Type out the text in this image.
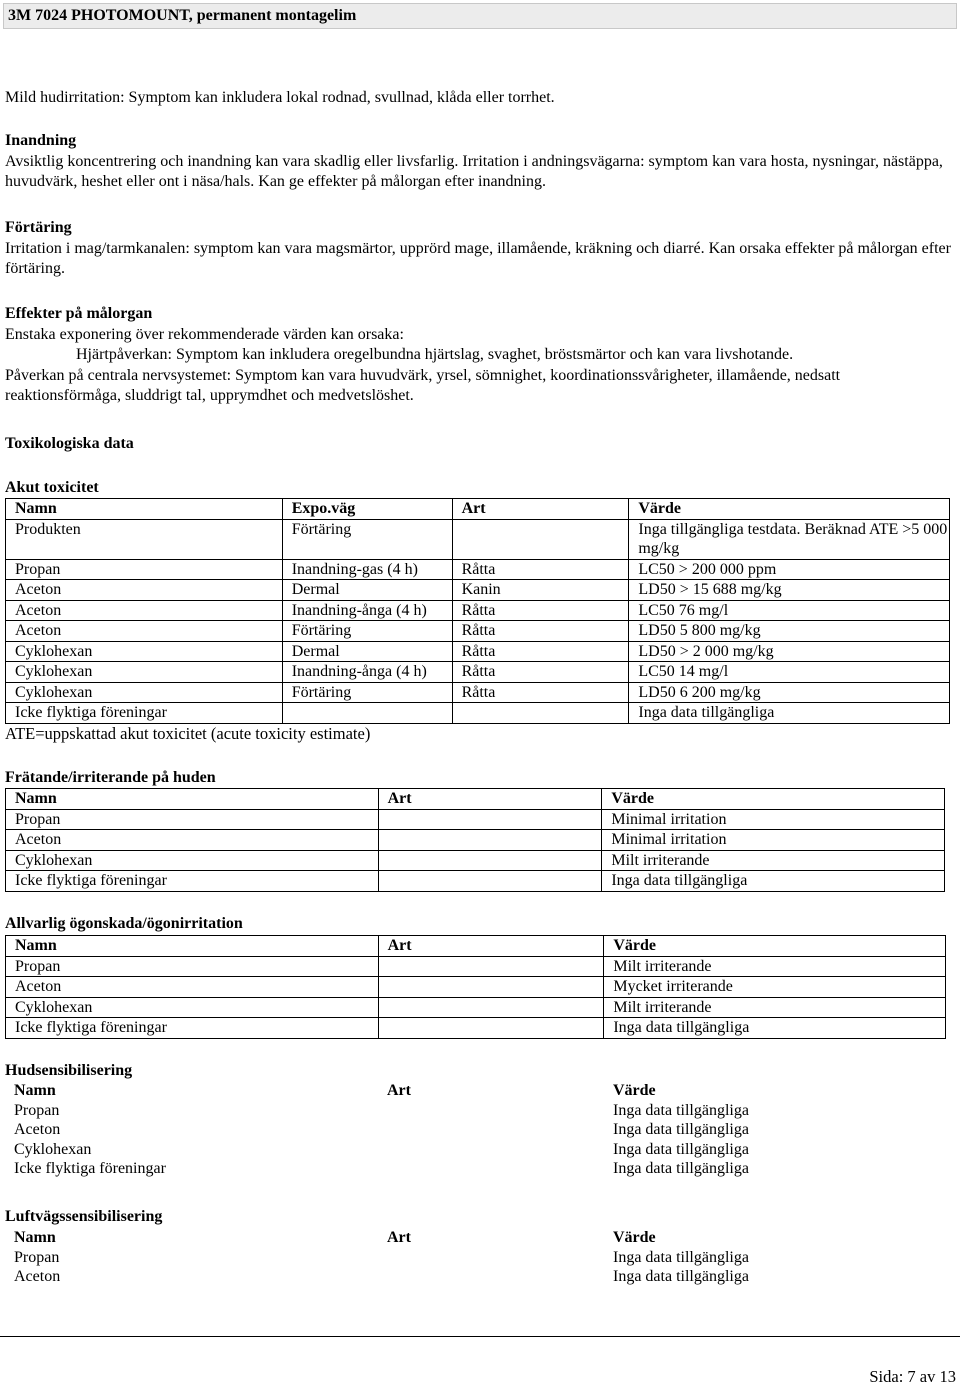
3M 7024 PHOTOMOUNT, permanent montagelim

Mild hudirritation: Symptom kan inkludera lokal rodnad, svullnad, klåda eller torrhet.

Inandning

Avsiktlig koncentrering och inandning kan vara skadlig eller livsfarlig. Irritation i andningsvägarna: symptom kan vara hosta, nysningar, nästäppa, huvudvärk, heshet eller ont i näsa/hals. Kan ge effekter på målorgan efter inandning.

Förtäring

Irritation i mag/tarmkanalen: symptom kan vara magsmärtor, upprörd mage, illamående, kräkning och diarré. Kan orsaka effekter på målorgan efter förtäring.

Effekter på målorgan

Enstaka exponering över rekommenderade värden kan orsaka:

Hjärtpåverkan: Symptom kan inkludera oregelbundna hjärtslag, svaghet, bröstsmärtor och kan vara livshotande.

Påverkan på centrala nervsystemet: Symptom kan vara huvudvärk, yrsel, sömnighet, koordinationssvårigheter, illamående, nedsatt reaktionsförmåga, sluddrigt tal, upprymdhet och medvetslöshet.

Toxikologiska data
Akut toxicitet
Namn	Expo.väg	Art	Värde
Produkten	Förtäring		Inga tillgängliga testdata. Beräknad ATE >5 000 mg/kg
Propan	Inandning-gas (4 h)	Råtta	LC50 > 200 000 ppm
Aceton	Dermal	Kanin	LD50 > 15 688 mg/kg
Aceton	Inandning-ånga (4 h)	Råtta	LC50 76 mg/l
Aceton	Förtäring	Råtta	LD50 5 800 mg/kg
Cyklohexan	Dermal	Råtta	LD50 > 2 000 mg/kg
Cyklohexan	Inandning-ånga (4 h)	Råtta	LC50 14 mg/l
Cyklohexan	Förtäring	Råtta	LD50 6 200 mg/kg
Icke flyktiga föreningar			Inga data tillgängliga
ATE=uppskattad akut toxicitet (acute toxicity estimate)
Frätande/irriterande på huden
Namn	Art	Värde
Propan		Minimal irritation
Aceton		Minimal irritation
Cyklohexan		Milt irriterande
Icke flyktiga föreningar		Inga data tillgängliga
Allvarlig ögonskada/ögonirritation
Namn	Art	Värde
Propan		Milt irriterande
Aceton		Mycket irriterande
Cyklohexan		Milt irriterande
Icke flyktiga föreningar		Inga data tillgängliga
Hudsensibilisering
Namn	Art	Värde
Propan		Inga data tillgängliga
Aceton		Inga data tillgängliga
Cyklohexan		Inga data tillgängliga
Icke flyktiga föreningar		Inga data tillgängliga
Luftvägssensibilisering
Namn	Art	Värde
Propan		Inga data tillgängliga
Aceton		Inga data tillgängliga
Sida: 7 av 13
